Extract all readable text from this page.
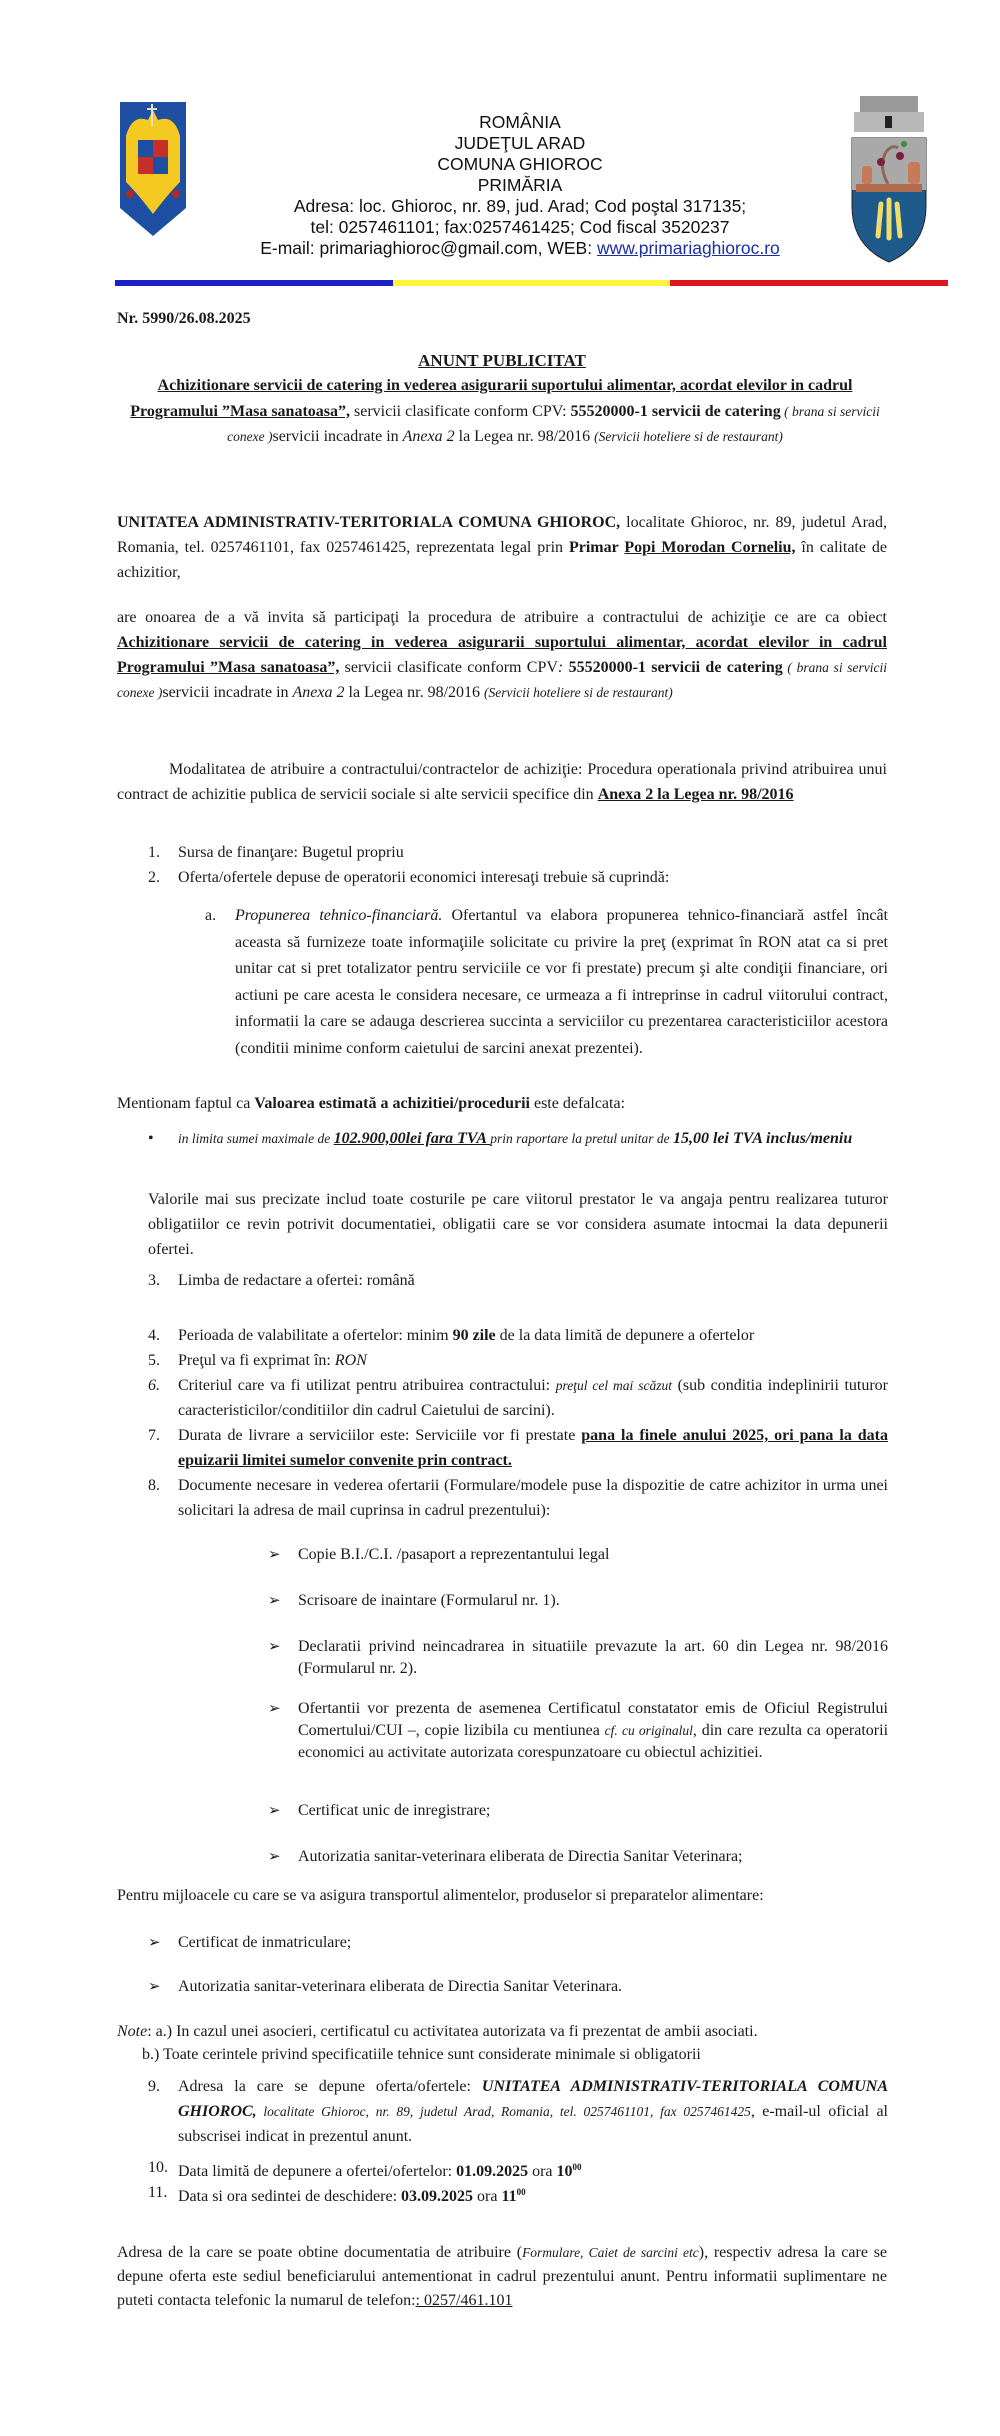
ROMÂNIA
JUDEŢUL ARAD
COMUNA GHIOROC
PRIMĂRIA
Adresa: loc. Ghioroc, nr. 89, jud. Arad; Cod poştal 317135;
tel: 0257461101; fax:0257461425; Cod fiscal 3520237
E-mail: primariaghioroc@gmail.com, WEB: www.primariaghioroc.ro
Nr. 5990/26.08.2025
ANUNT PUBLICITAT
Achizitionare servicii de catering in vederea asigurarii suportului alimentar, acordat elevilor in cadrul Programului ”Masa sanatoasa”, servicii clasificate conform CPV: 55520000-1 servicii de catering ( brana si servicii conexe )servicii incadrate in Anexa 2 la Legea nr. 98/2016 (Servicii hoteliere si de restaurant)
UNITATEA ADMINISTRATIV-TERITORIALA COMUNA GHIOROC, localitate Ghioroc, nr. 89, judetul Arad, Romania, tel. 0257461101, fax 0257461425, reprezentata legal prin Primar Popi Morodan Corneliu, în calitate de achizitior,
are onoarea de a vă invita să participaţi la procedura de atribuire a contractului de achiziţie ce are ca obiect Achizitionare servicii de catering in vederea asigurarii suportului alimentar, acordat elevilor in cadrul Programului ”Masa sanatoasa”, servicii clasificate conform CPV: 55520000-1 servicii de catering ( brana si servicii conexe )servicii incadrate in Anexa 2 la Legea nr. 98/2016 (Servicii hoteliere si de restaurant)
Modalitatea de atribuire a contractului/contractelor de achiziţie: Procedura operationala privind atribuirea unui contract de achizitie publica de servicii sociale si alte servicii specifice din Anexa 2 la Legea nr. 98/2016
1.	Sursa de finanţare: Bugetul propriu
2.	Oferta/ofertele depuse de operatorii economici interesaţi trebuie să cuprindă:
a. Propunerea tehnico-financiară. Ofertantul va elabora propunerea tehnico-financiară astfel încât aceasta să furnizeze toate informaţiile solicitate cu privire la preţ (exprimat în RON atat ca si pret unitar cat si pret totalizator pentru serviciile ce vor fi prestate) precum şi alte condiţii financiare, ori actiuni pe care acesta le considera necesare, ce urmeaza a fi intreprinse in cadrul viitorului contract, informatii la care se adauga descrierea succinta a serviciilor cu prezentarea caracteristiciilor acestora (conditii minime conform caietului de sarcini anexat prezentei).
Mentionam faptul ca Valoarea estimată a achizitiei/procedurii este defalcata:
• in limita sumei maximale de 102.900,00lei fara TVA prin raportare la pretul unitar de 15,00 lei TVA inclus/meniu
Valorile mai sus precizate includ toate costurile pe care viitorul prestator le va angaja pentru realizarea tuturor obligatiilor ce revin potrivit documentatiei, obligatii care se vor considera asumate intocmai la data depunerii ofertei.
3.	Limba de redactare a ofertei: română
4.	Perioada de valabilitate a ofertelor: minim 90 zile de la data limită de depunere a ofertelor
5.	Preţul va fi exprimat în: RON
6.	Criteriul care va fi utilizat pentru atribuirea contractului: preţul cel mai scăzut (sub conditia indeplinirii tuturor caracteristicilor/conditiilor din cadrul Caietului de sarcini).
7.	Durata de livrare a serviciilor este: Serviciile vor fi prestate pana la finele anului 2025, ori pana la data epuizarii limitei sumelor convenite prin contract.
8.	Documente necesare in vederea ofertarii (Formulare/modele puse la dispozitie de catre achizitor in urma unei solicitari la adresa de mail cuprinsa in cadrul prezentului):
➢ Copie B.I./C.I. /pasaport a reprezentantului legal
➢ Scrisoare de inaintare (Formularul nr. 1).
➢ Declaratii privind neincadrarea in situatiile prevazute la art. 60 din Legea nr. 98/2016 (Formularul nr. 2).
➢ Ofertantii vor prezenta de asemenea Certificatul constatator emis de Oficiul Registrului Comertului/CUI –, copie lizibila cu mentiunea cf. cu originalul, din care rezulta ca operatorii economici au activitate autorizata corespunzatoare cu obiectul achizitiei.
➢ Certificat unic de inregistrare;
➢ Autorizatia sanitar-veterinara eliberata de Directia Sanitar Veterinara;
Pentru mijloacele cu care se va asigura transportul alimentelor, produselor si preparatelor alimentare:
➢ Certificat de inmatriculare;
➢ Autorizatia sanitar-veterinara eliberata de Directia Sanitar Veterinara.
Note: a.) In cazul unei asocieri, certificatul cu activitatea autorizata va fi prezentat de ambii asociati.
b.) Toate cerintele privind specificatiile tehnice sunt considerate minimale si obligatorii
9.	Adresa la care se depune oferta/ofertele: UNITATEA ADMINISTRATIV-TERITORIALA COMUNA GHIOROC, localitate Ghioroc, nr. 89, judetul Arad, Romania, tel. 0257461101, fax 0257461425, e-mail-ul oficial al subscrisei indicat in prezentul anunt.
10. Data limită de depunere a ofertei/ofertelor: 01.09.2025 ora $10^{00}$
11. Data si ora sedintei de deschidere: 03.09.2025 ora $11^{00}$
Adresa de la care se poate obtine documentatia de atribuire (Formulare, Caiet de sarcini etc), respectiv adresa la care se depune oferta este sediul beneficiarului antementionat in cadrul prezentului anunt. Pentru informatii suplimentare ne puteti contacta telefonic la numarul de telefon:: 0257/461.101
